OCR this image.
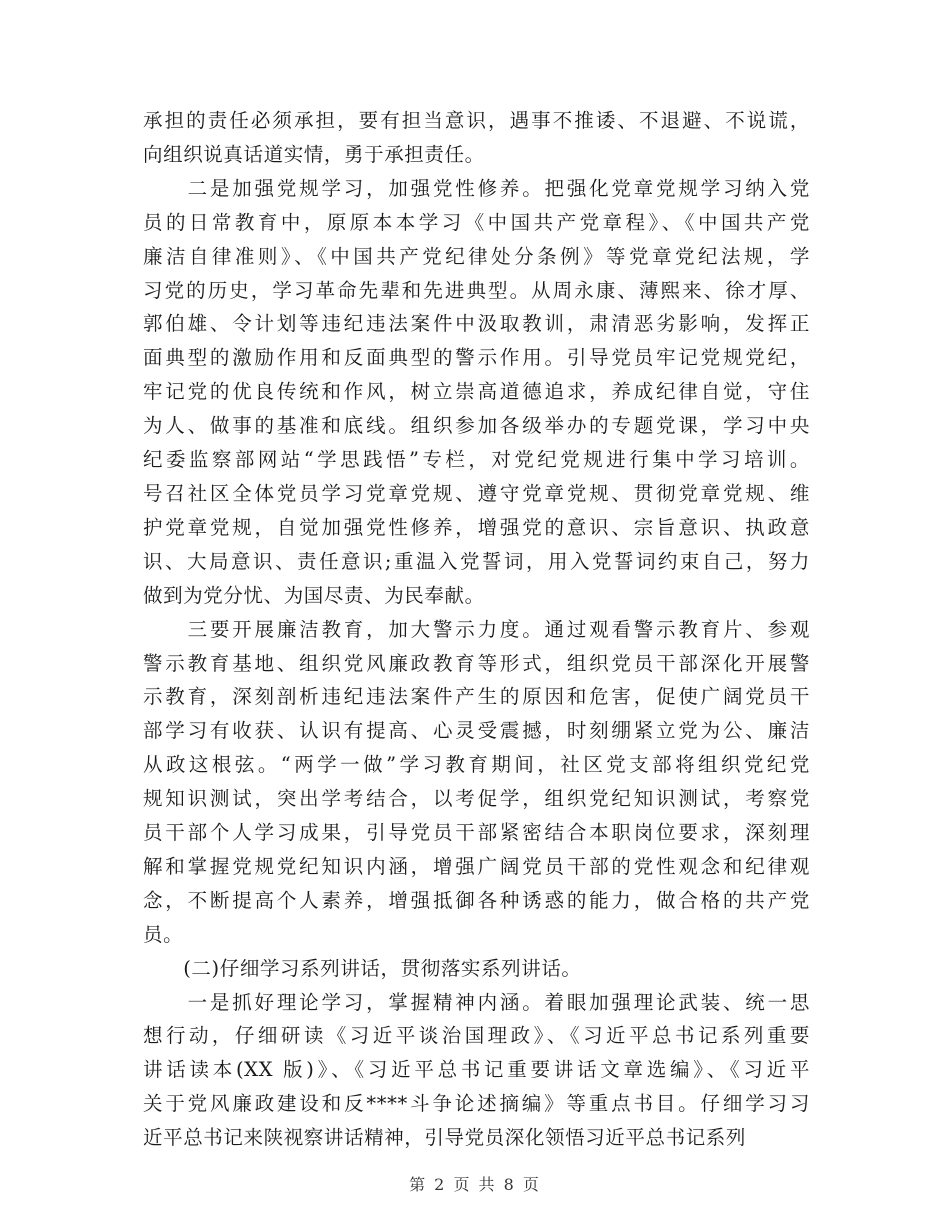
承担的责任必须承担，要有担当意识，遇事不推诿、不退避、不说谎，
向组织说真话道实情，勇于承担责任。
　　二是加强党规学习，加强党性修养。把强化党章党规学习纳入党
员的日常教育中，原原本本学习《中国共产党章程》、《中国共产党
廉洁自律准则》、《中国共产党纪律处分条例》等党章党纪法规，学
习党的历史，学习革命先辈和先进典型。从周永康、薄熙来、徐才厚、
郭伯雄、令计划等违纪违法案件中汲取教训，肃清恶劣影响，发挥正
面典型的激励作用和反面典型的警示作用。引导党员牢记党规党纪，
牢记党的优良传统和作风，树立崇高道德追求，养成纪律自觉，守住
为人、做事的基准和底线。组织参加各级举办的专题党课，学习中央
纪委监察部网站“学思践悟”专栏，对党纪党规进行集中学习培训。
号召社区全体党员学习党章党规、遵守党章党规、贯彻党章党规、维
护党章党规，自觉加强党性修养，增强党的意识、宗旨意识、执政意
识、大局意识、责任意识;重温入党誓词，用入党誓词约束自己，努力
做到为党分忧、为国尽责、为民奉献。
　　三要开展廉洁教育，加大警示力度。通过观看警示教育片、参观
警示教育基地、组织党风廉政教育等形式，组织党员干部深化开展警
示教育，深刻剖析违纪违法案件产生的原因和危害，促使广阔党员干
部学习有收获、认识有提高、心灵受震撼，时刻绷紧立党为公、廉洁
从政这根弦。“两学一做”学习教育期间，社区党支部将组织党纪党
规知识测试，突出学考结合，以考促学，组织党纪知识测试，考察党
员干部个人学习成果，引导党员干部紧密结合本职岗位要求，深刻理
解和掌握党规党纪知识内涵，增强广阔党员干部的党性观念和纪律观
念，不断提高个人素养，增强抵御各种诱惑的能力，做合格的共产党
员。
　　(二)仔细学习系列讲话，贯彻落实系列讲话。
　　一是抓好理论学习，掌握精神内涵。着眼加强理论武装、统一思
想行动，仔细研读《习近平谈治国理政》、《习近平总书记系列重要
讲话读本(XX 版)》、《习近平总书记重要讲话文章选编》、《习近平
关于党风廉政建设和反****斗争论述摘编》等重点书目。仔细学习习
近平总书记来陕视察讲话精神，引导党员深化领悟习近平总书记系列
第 2 页 共 8 页
